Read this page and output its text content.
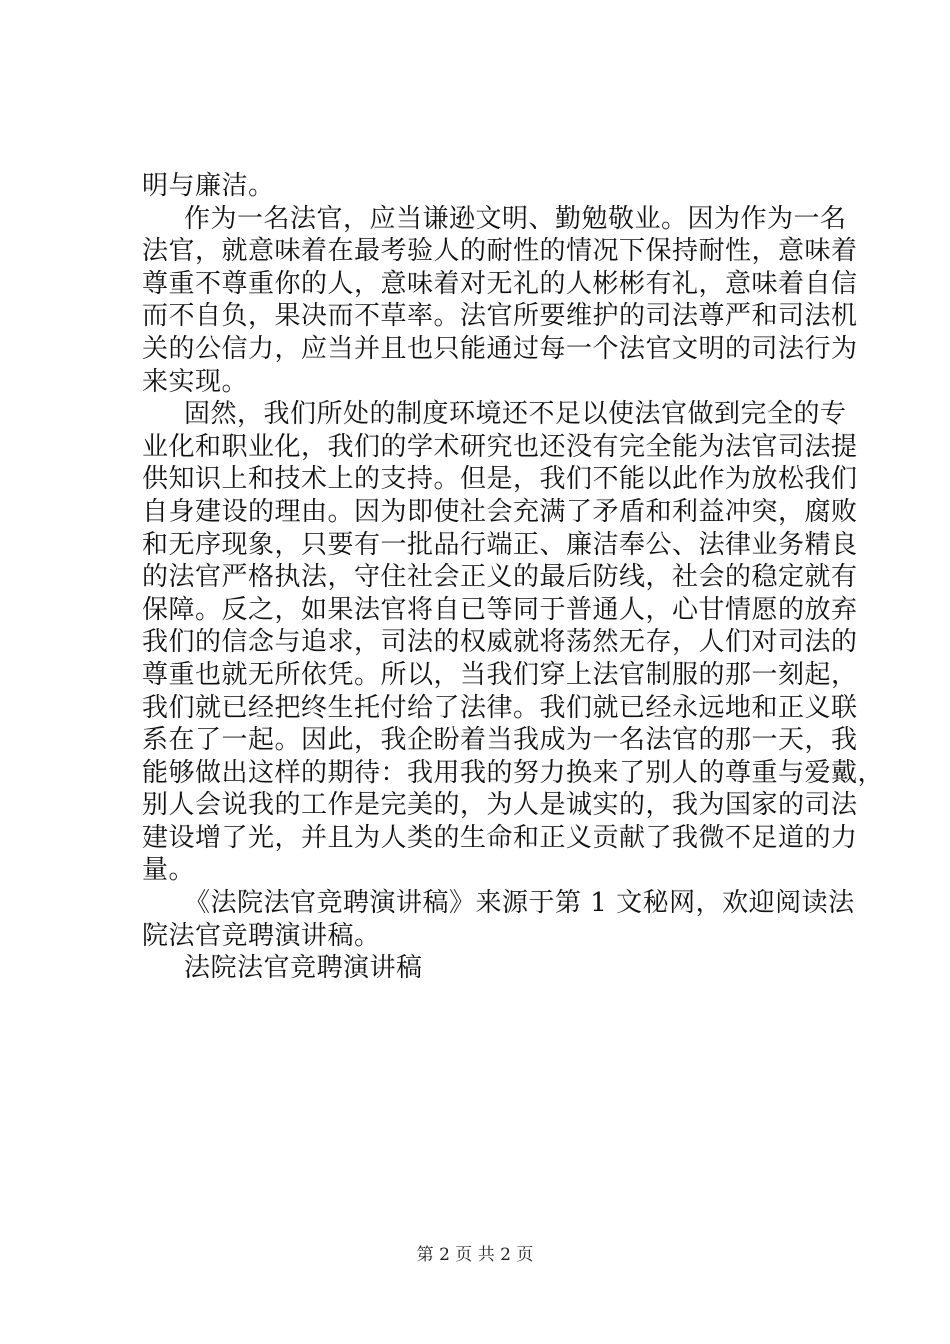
明与廉洁。
作为一名法官，应当谦逊文明、勤勉敬业。因为作为一名
法官，就意味着在最考验人的耐性的情况下保持耐性，意味着
尊重不尊重你的人，意味着对无礼的人彬彬有礼，意味着自信
而不自负，果决而不草率。法官所要维护的司法尊严和司法机
关的公信力，应当并且也只能通过每一个法官文明的司法行为
来实现。
固然，我们所处的制度环境还不足以使法官做到完全的专
业化和职业化，我们的学术研究也还没有完全能为法官司法提
供知识上和技术上的支持。但是，我们不能以此作为放松我们
自身建设的理由。因为即使社会充满了矛盾和利益冲突，腐败
和无序现象，只要有一批品行端正、廉洁奉公、法律业务精良
的法官严格执法，守住社会正义的最后防线，社会的稳定就有
保障。反之，如果法官将自已等同于普通人，心甘情愿的放弃
我们的信念与追求，司法的权威就将荡然无存，人们对司法的
尊重也就无所依凭。所以，当我们穿上法官制服的那一刻起，
我们就已经把终生托付给了法律。我们就已经永远地和正义联
系在了一起。因此，我企盼着当我成为一名法官的那一天，我
能够做出这样的期待：我用我的努力换来了别人的尊重与爱戴，
别人会说我的工作是完美的，为人是诚实的，我为国家的司法
建设增了光，并且为人类的生命和正义贡献了我微不足道的力
量。
《法院法官竞聘演讲稿》来源于第 1 文秘网，欢迎阅读法
院法官竞聘演讲稿。
法院法官竞聘演讲稿
第 2 页 共 2 页
